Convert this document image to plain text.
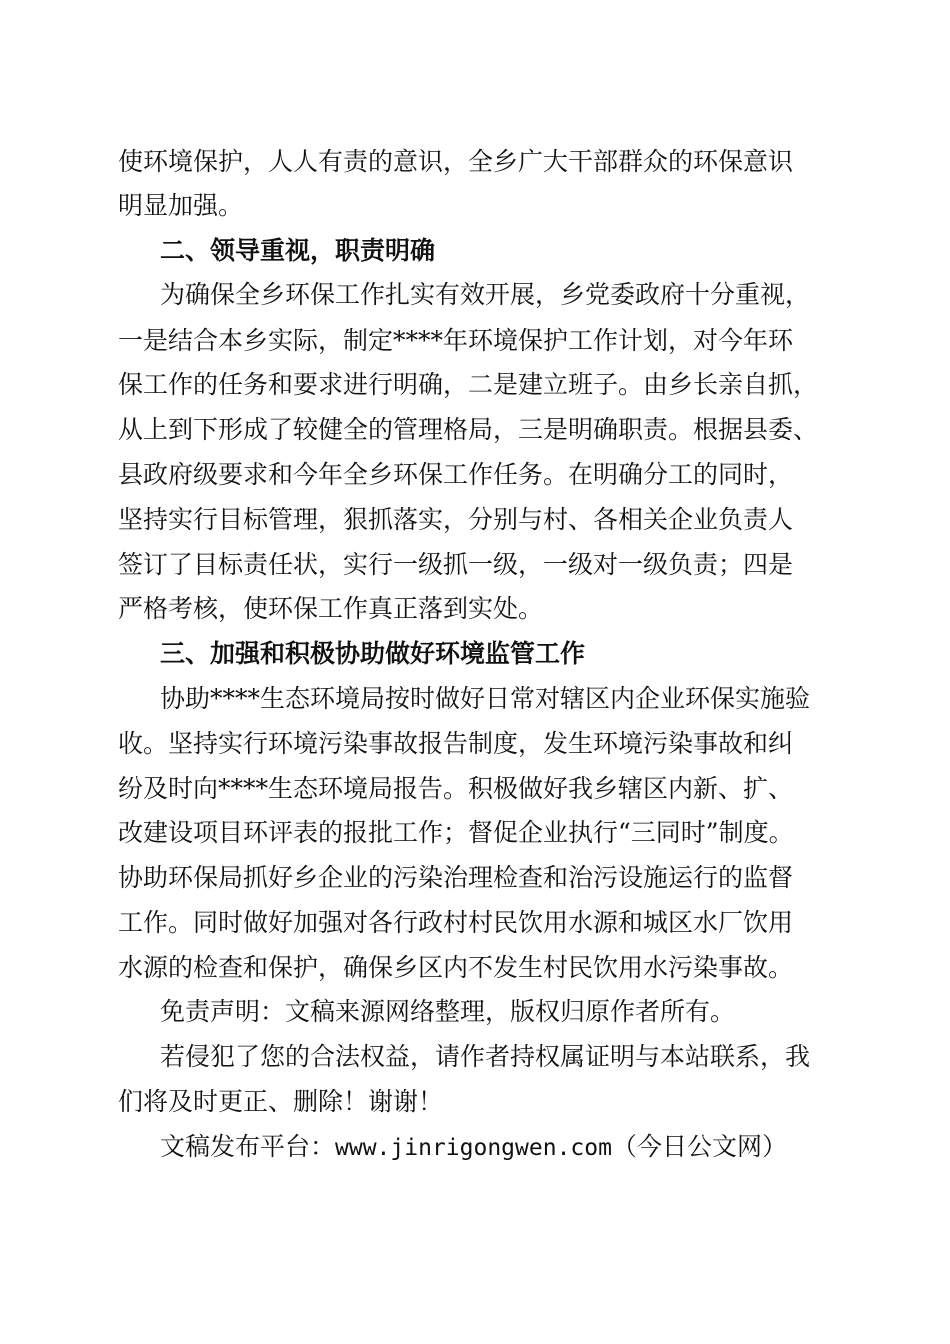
使环境保护，人人有责的意识，全乡广大干部群众的环保意识
明显加强。
二、领导重视，职责明确
为确保全乡环保工作扎实有效开展，乡党委政府十分重视，
一是结合本乡实际，制定****年环境保护工作计划，对今年环
保工作的任务和要求进行明确，二是建立班子。由乡长亲自抓，
从上到下形成了较健全的管理格局，三是明确职责。根据县委、
县政府级要求和今年全乡环保工作任务。在明确分工的同时，
坚持实行目标管理，狠抓落实，分别与村、各相关企业负责人
签订了目标责任状，实行一级抓一级，一级对一级负责；四是
严格考核，使环保工作真正落到实处。
三、加强和积极协助做好环境监管工作
协助****生态环境局按时做好日常对辖区内企业环保实施验
收。坚持实行环境污染事故报告制度，发生环境污染事故和纠
纷及时向****生态环境局报告。积极做好我乡辖区内新、扩、
改建设项目环评表的报批工作；督促企业执行“三同时”制度。
协助环保局抓好乡企业的污染治理检查和治污设施运行的监督
工作。同时做好加强对各行政村村民饮用水源和城区水厂饮用
水源的检查和保护，确保乡区内不发生村民饮用水污染事故。
免责声明：文稿来源网络整理，版权归原作者所有。
若侵犯了您的合法权益，请作者持权属证明与本站联系，我
们将及时更正、删除！谢谢！
文稿发布平台：www.jinrigongwen.com（今日公文网）
